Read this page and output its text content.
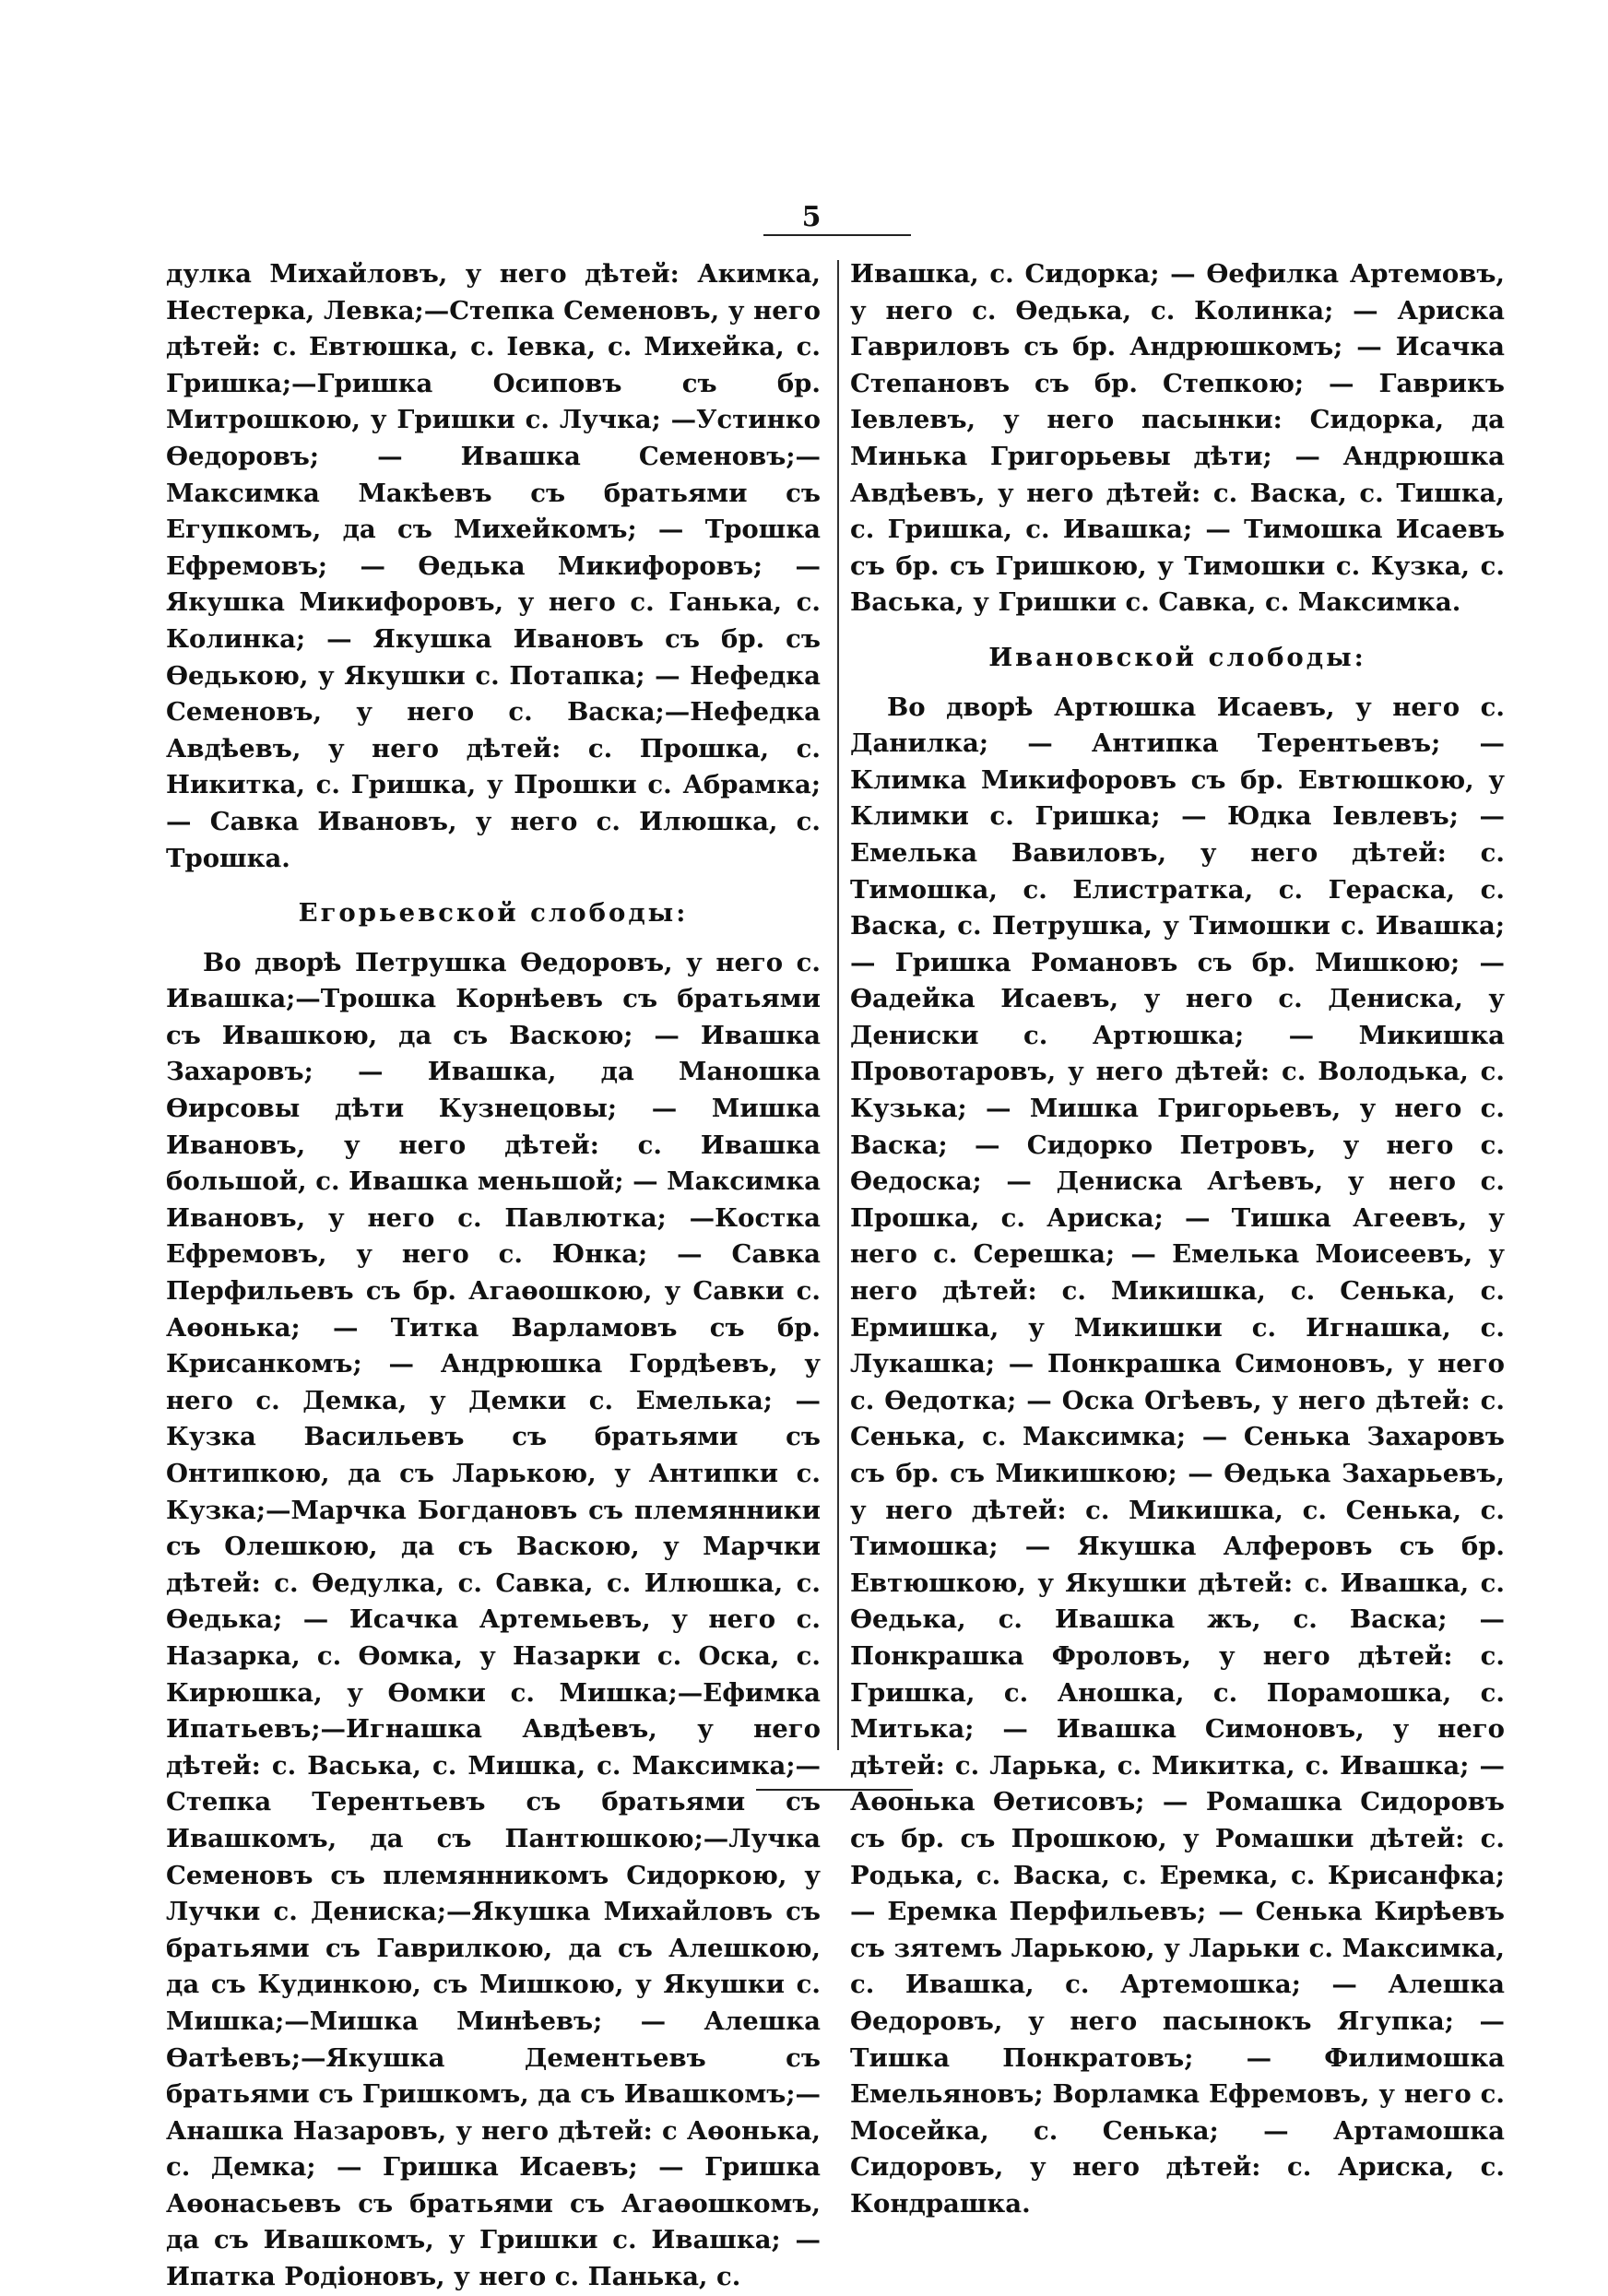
5

дулка Михайловъ, у него дѣтей: Акимка, Нестерка, Левка;—Степка Семеновъ, у него дѣтей: с. Евтюшка, с. Іевка, с. Михейка, с. Гришка;—Гришка Осиповъ съ бр. Митрошкою, у Гришки с. Лучка; —Устинко Өедоровъ; — Ивашка Семеновъ;—Максимка Макѣевъ съ братьями съ Егупкомъ, да съ Михейкомъ; — Трошка Ефремовъ; — Өедька Микифоровъ; — Якушка Микифоровъ, у него с. Ганька, с. Колинка; — Якушка Ивановъ съ бр. съ Өедькою, у Якушки с. Потапка; — Нефедка Семеновъ, у него с. Васка;—Нефедка Авдѣевъ, у него дѣтей: с. Прошка, с. Никитка, с. Гришка, у Прошки с. Абрамка; — Савка Ивановъ, у него с. Илюшка, с. Трошка.

Егорьевской слободы:

Во дворѣ Петрушка Өедоровъ, у него с. Ивашка;—Трошка Корнѣевъ съ братьями съ Ивашкою, да съ Васкою; — Ивашка Захаровъ; — Ивашка, да Маношка Өирсовы дѣти Кузнецовы; — Мишка Ивановъ, у него дѣтей: с. Ивашка большой, с. Ивашка меньшой; — Максимка Ивановъ, у него с. Павлютка; —Костка Ефремовъ, у него с. Юнка; — Савка Перфильевъ съ бр. Агаөошкою, у Савки с. Аөонька; — Титка Варламовъ съ бр. Крисанкомъ; — Андрюшка Гордѣевъ, у него с. Демка, у Демки с. Емелька; — Кузка Васильевъ съ братьями съ Онтипкою, да съ Ларькою, у Антипки с. Кузка;—Марчка Богдановъ съ племянники съ Олешкою, да съ Васкою, у Марчки дѣтей: с. Өедулка, с. Савка, с. Илюшка, с. Өедька; — Исачка Артемьевъ, у него с. Назарка, с. Өомка, у Назарки с. Оска, с. Кирюшка, у Өомки с. Мишка;—Ефимка Ипатьевъ;—Игнашка Авдѣевъ, у него дѣтей: с. Васька, с. Мишка, с. Максимка;—Степка Терентьевъ съ братьями съ Ивашкомъ, да съ Пантюшкою;—Лучка Семеновъ съ племянникомъ Сидоркою, у Лучки с. Дениска;—Якушка Михайловъ съ братьями съ Гаврилкою, да съ Алешкою, да съ Кудинкою, съ Мишкою, у Якушки с. Мишка;—Мишка Минѣевъ; — Алешка Өатѣевъ;—Якушка Дементьевъ съ братьями съ Гришкомъ, да съ Ивашкомъ;—Анашка Назаровъ, у него дѣтей: с Аөонька, с. Демка; — Гришка Исаевъ; — Гришка Аөонасьевъ съ братьями съ Агаөошкомъ, да съ Ивашкомъ, у Гришки с. Ивашка; — Ипатка Родіоновъ, у него с. Панька, с.

Ивашка, с. Сидорка; — Өефилка Артемовъ, у него с. Өедька, с. Колинка; — Ариска Гавриловъ съ бр. Андрюшкомъ; — Исачка Степановъ съ бр. Степкою; — Гаврикъ Іевлевъ, у него пасынки: Сидорка, да Минька Григорьевы дѣти; — Андрюшка Авдѣевъ, у него дѣтей: с. Васка, с. Тишка, с. Гришка, с. Ивашка; — Тимошка Исаевъ съ бр. съ Гришкою, у Тимошки с. Кузка, с. Васька, у Гришки с. Савка, с. Максимка.

Ивановской слободы:

Во дворѣ Артюшка Исаевъ, у него с. Данилка; — Антипка Терентьевъ; — Климка Микифоровъ съ бр. Евтюшкою, у Климки с. Гришка; — Юдка Іевлевъ; — Емелька Вавиловъ, у него дѣтей: с. Тимошка, с. Елистратка, с. Гераска, с. Васка, с. Петрушка, у Тимошки с. Ивашка; — Гришка Романовъ съ бр. Мишкою; — Өадейка Исаевъ, у него с. Дениска, у Дениски с. Артюшка; — Микишка Провотаровъ, у него дѣтей: с. Володька, с. Кузька; — Мишка Григорьевъ, у него с. Васка; — Сидорко Петровъ, у него с. Өедоска; — Дениска Агѣевъ, у него с. Прошка, с. Ариска; — Тишка Агеевъ, у него с. Серешка; — Емелька Моисеевъ, у него дѣтей: с. Микишка, с. Сенька, с. Ермишка, у Микишки с. Игнашка, с. Лукашка; — Понкрашка Симоновъ, у него с. Өедотка; — Оска Огѣевъ, у него дѣтей: с. Сенька, с. Максимка; — Сенька Захаровъ съ бр. съ Микишкою; — Өедька Захарьевъ, у него дѣтей: с. Микишка, с. Сенька, с. Тимошка; — Якушка Алферовъ съ бр. Евтюшкою, у Якушки дѣтей: с. Ивашка, с. Өедька, с. Ивашка жъ, с. Васка; — Понкрашка Фроловъ, у него дѣтей: с. Гришка, с. Аношка, с. Порамошка, с. Митька; — Ивашка Симоновъ, у него дѣтей: с. Ларька, с. Микитка, с. Ивашка; — Аөонька Өетисовъ; — Ромашка Сидоровъ съ бр. съ Прошкою, у Ромашки дѣтей: с. Родька, с. Васка, с. Еремка, с. Крисанфка; — Еремка Перфильевъ; — Сенька Кирѣевъ съ зятемъ Ларькою, у Ларьки с. Максимка, с. Ивашка, с. Артемошка; — Алешка Өедоровъ, у него пасынокъ Ягупка; — Тишка Понкратовъ; — Филимошка Емельяновъ; Ворламка Ефремовъ, у него с. Мосейка, с. Сенька; — Артамошка Сидоровъ, у него дѣтей: с. Ариска, с. Кондрашка.
